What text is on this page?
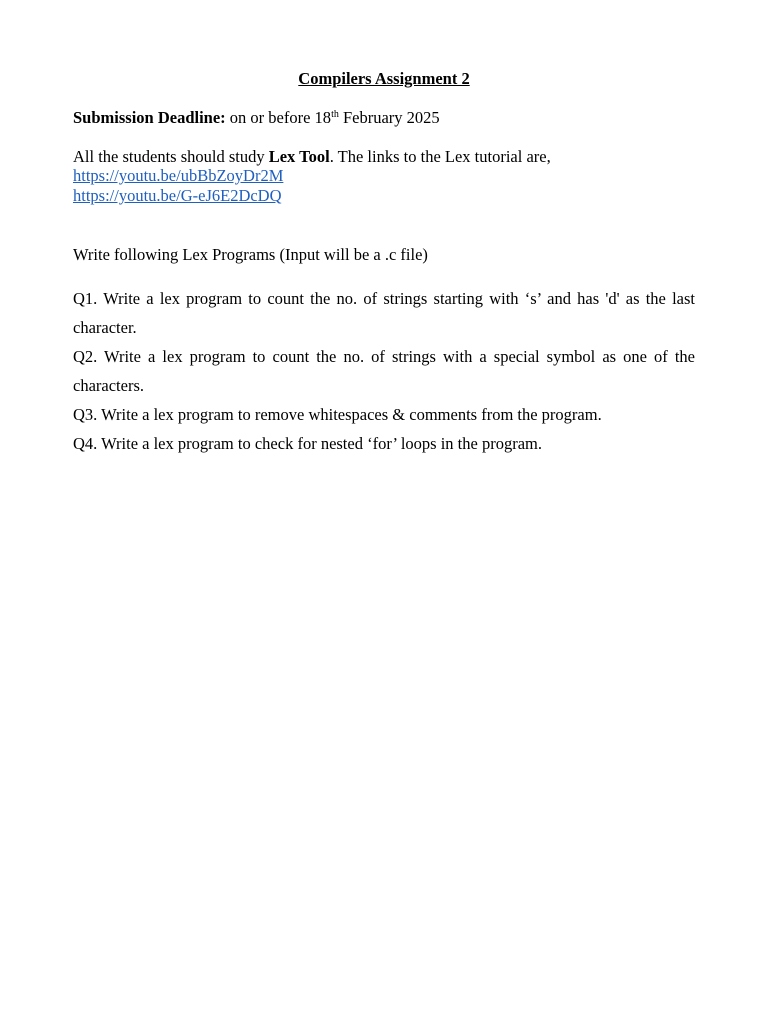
Compilers Assignment 2
Submission Deadline: on or before 18th February 2025
All the students should study Lex Tool. The links to the Lex tutorial are,
https://youtu.be/ubBbZoyDr2M
https://youtu.be/G-eJ6E2DcDQ
Write following Lex Programs (Input will be a .c file)

Q1. Write a lex program to count the no. of strings starting with ‘s’ and has 'd' as the last character.

Q2. Write a lex program to count the no. of strings with a special symbol as one of the characters.

Q3. Write a lex program to remove whitespaces & comments from the program.

Q4. Write a lex program to check for nested ‘for’ loops in the program.
